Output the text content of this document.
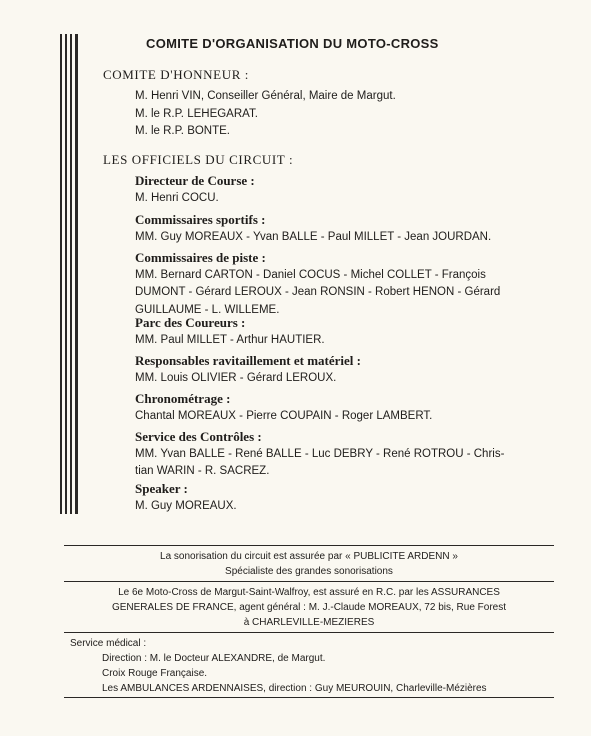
COMITE D'ORGANISATION DU MOTO-CROSS
COMITE D'HONNEUR :
M. Henri VIN, Conseiller Général, Maire de Margut.
M. le R.P. LEHEGARAT.
M. le R.P. BONTE.
LES OFFICIELS DU CIRCUIT :
Directeur de Course :
M. Henri COCU.
Commissaires sportifs :
MM. Guy MOREAUX - Yvan BALLE - Paul MILLET - Jean JOURDAN.
Commissaires de piste :
MM. Bernard CARTON - Daniel COCUS - Michel COLLET - François
DUMONT - Gérard LEROUX - Jean RONSIN - Robert HENON - Gérard
GUILLAUME - L. WILLEME.
Parc des Coureurs :
MM. Paul MILLET - Arthur HAUTIER.
Responsables ravitaillement et matériel :
MM. Louis OLIVIER - Gérard LEROUX.
Chronométrage :
Chantal MOREAUX - Pierre COUPAIN - Roger LAMBERT.
Service des Contrôles :
MM. Yvan BALLE - René BALLE - Luc DEBRY - René ROTROU - Chris-
tian WARIN - R. SACREZ.
Speaker :
M. Guy MOREAUX.
La sonorisation du circuit est assurée par « PUBLICITE ARDENN »
Spécialiste des grandes sonorisations
Le 6e Moto-Cross de Margut-Saint-Walfroy, est assuré en R.C. par les ASSURANCES
GENERALES DE FRANCE, agent général : M. J.-Claude MOREAUX, 72 bis, Rue Forest
à CHARLEVILLE-MEZIERES
Service médical :
Direction : M. le Docteur ALEXANDRE, de Margut.
Croix Rouge Française.
Les AMBULANCES ARDENNAISES, direction : Guy MEUROUIN, Charleville-Mézières
